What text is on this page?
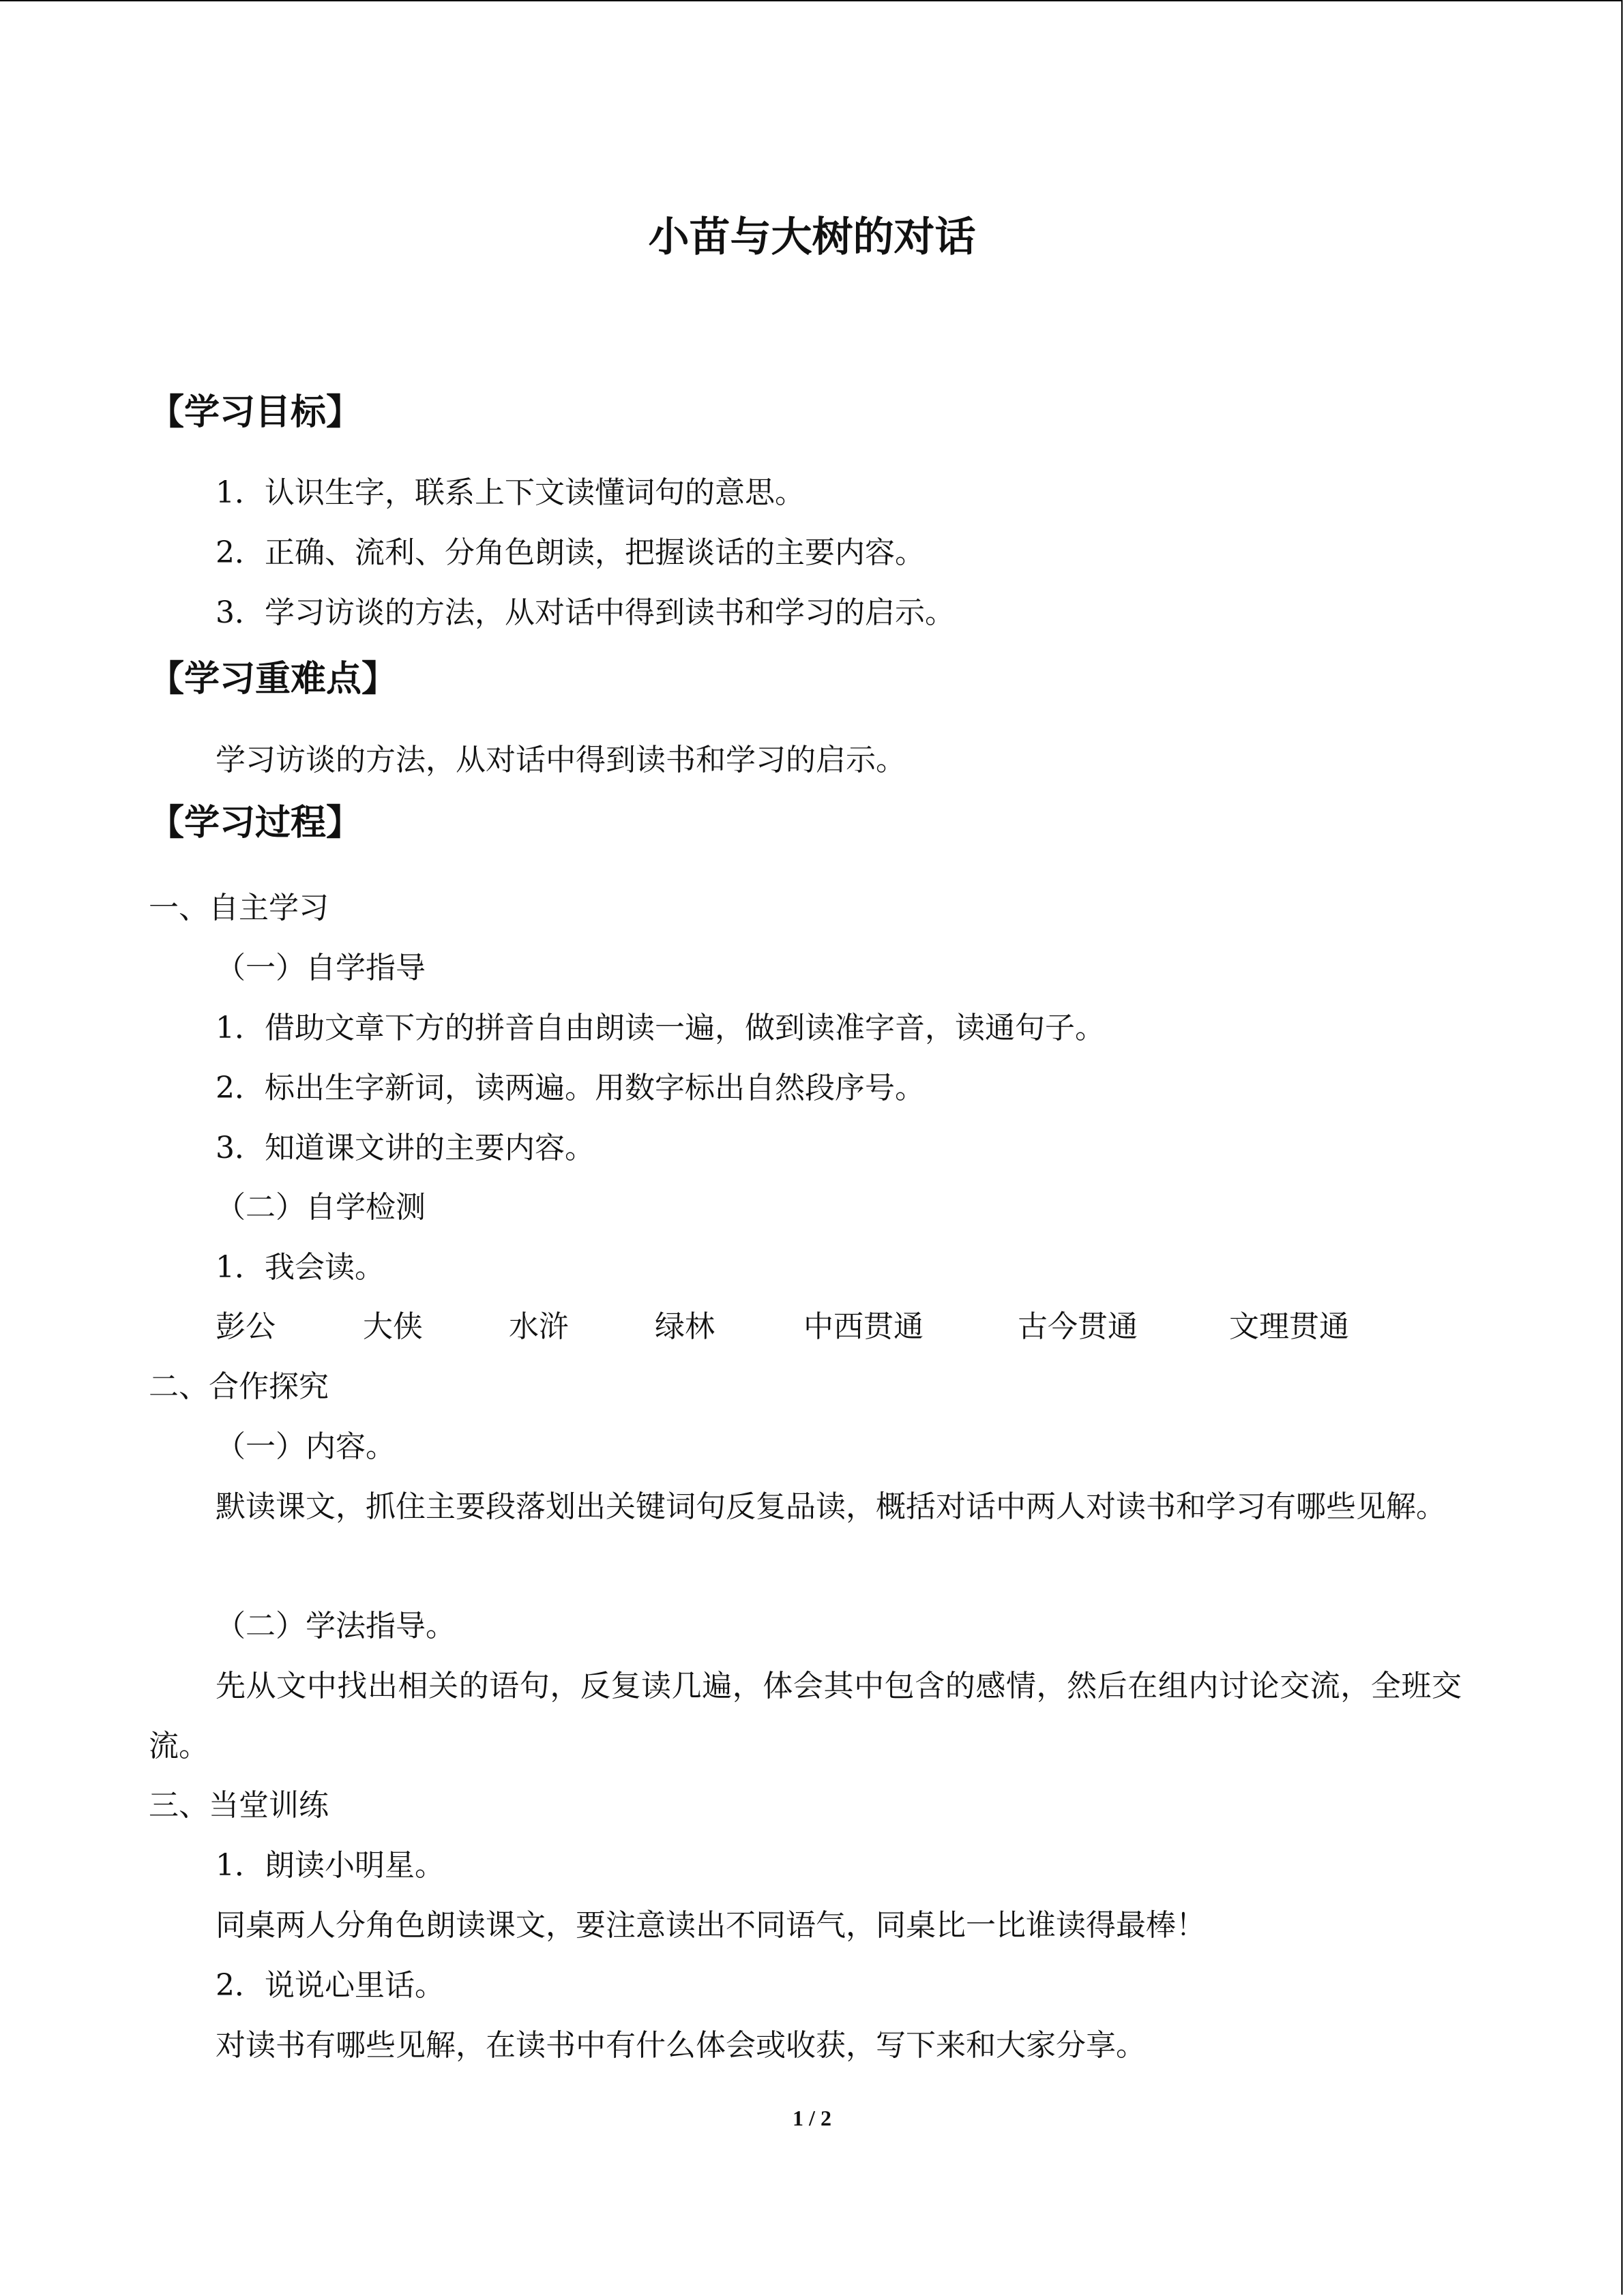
小苗与大树的对话
【学习目标】

1．认识生字，联系上下文读懂词句的意思。

2．正确、流利、分角色朗读，把握谈话的主要内容。

3．学习访谈的方法，从对话中得到读书和学习的启示。

【学习重难点】

学习访谈的方法，从对话中得到读书和学习的启示。

【学习过程】

一、自主学习

（一）自学指导

1．借助文章下方的拼音自由朗读一遍，做到读准字音，读通句子。

2．标出生字新词，读两遍。用数字标出自然段序号。

3．知道课文讲的主要内容。

（二）自学检测

1．我会读。

彭公	大侠	水浒	绿林	中西贯通	古今贯通	文理贯通

二、合作探究

（一）内容。

默读课文，抓住主要段落划出关键词句反复品读，概括对话中两人对读书和学习有哪些见解。

（二）学法指导。

先从文中找出相关的语句，反复读几遍，体会其中包含的感情，然后在组内讨论交流，全班交流。

三、当堂训练

1．朗读小明星。

同桌两人分角色朗读课文，要注意读出不同语气，同桌比一比谁读得最棒！

2．说说心里话。

对读书有哪些见解，在读书中有什么体会或收获，写下来和大家分享。

1 / 2
